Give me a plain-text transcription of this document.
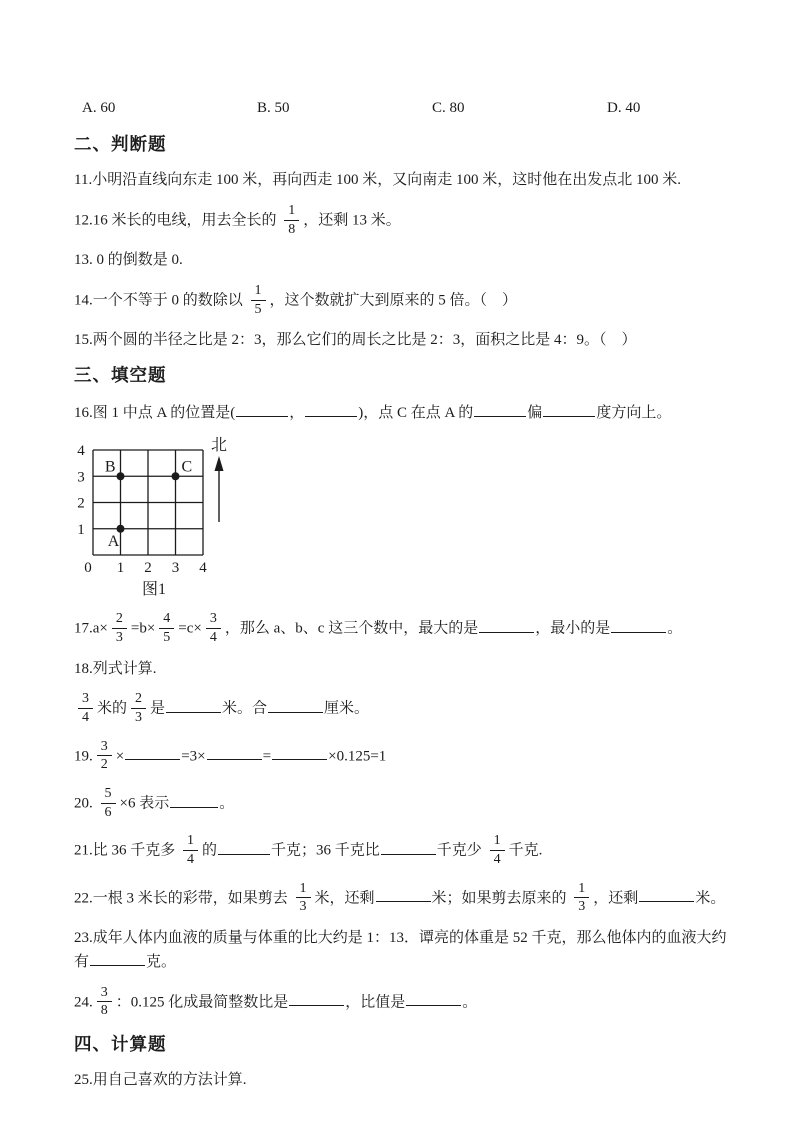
A. 60	B. 50	C. 80	D. 40
二、判断题
11.小明沿直线向东走 100 米，再向西走 100 米，又向南走 100 米，这时他在出发点北 100 米.
12.16 米长的电线，用去全长的 $\frac{1}{8}$ ，还剩 13 米。
13. 0 的倒数是 0.
14.一个不等于 0 的数除以 $\frac{1}{5}$ ，这个数就扩大到原来的 5 倍。（　）
15.两个圆的半径之比是 2：3，那么它们的周长之比是 2：3，面积之比是 4：9。（　）
三、填空题
16.图 1 中点 A 的位置是(	，	)，点 C 在点 A 的	偏	度方向上。
4
3
2
1
0 1 2 3 4
A
B	C
北
图1
$17.a\times \frac{2}{3} =b\times \frac{4}{5} =c\times \frac{3}{4}$ ，那么 a、b、c 这三个数中，最大的是	，最小的是	。
18.列式计算.
$\frac{3}{4}$ 米的 $\frac{2}{3}$ 是	米。合	厘米。
19. $\frac{3}{2}$ ×	=3×	=	×0.125=1
20. $\frac{5}{6} \times 6$ 表示	。
21.比 36 千克多 $\frac{1}{4}$ 的	千克；36 千克比	千克少 $\frac{1}{4}$ 千克.
22.一根 3 米长的彩带，如果剪去 $\frac{1}{3}$ 米，还剩	米；如果剪去原来的 $\frac{1}{3}$ ，还剩	米。
23.成年人体内血液的质量与体重的比大约是 1：13．谭亮的体重是 52 千克，那么他体内的血液大约有	克。
24. $\frac{3}{8}$ ：0.125 化成最简整数比是	，比值是	。
四、计算题
25.用自己喜欢的方法计算.
